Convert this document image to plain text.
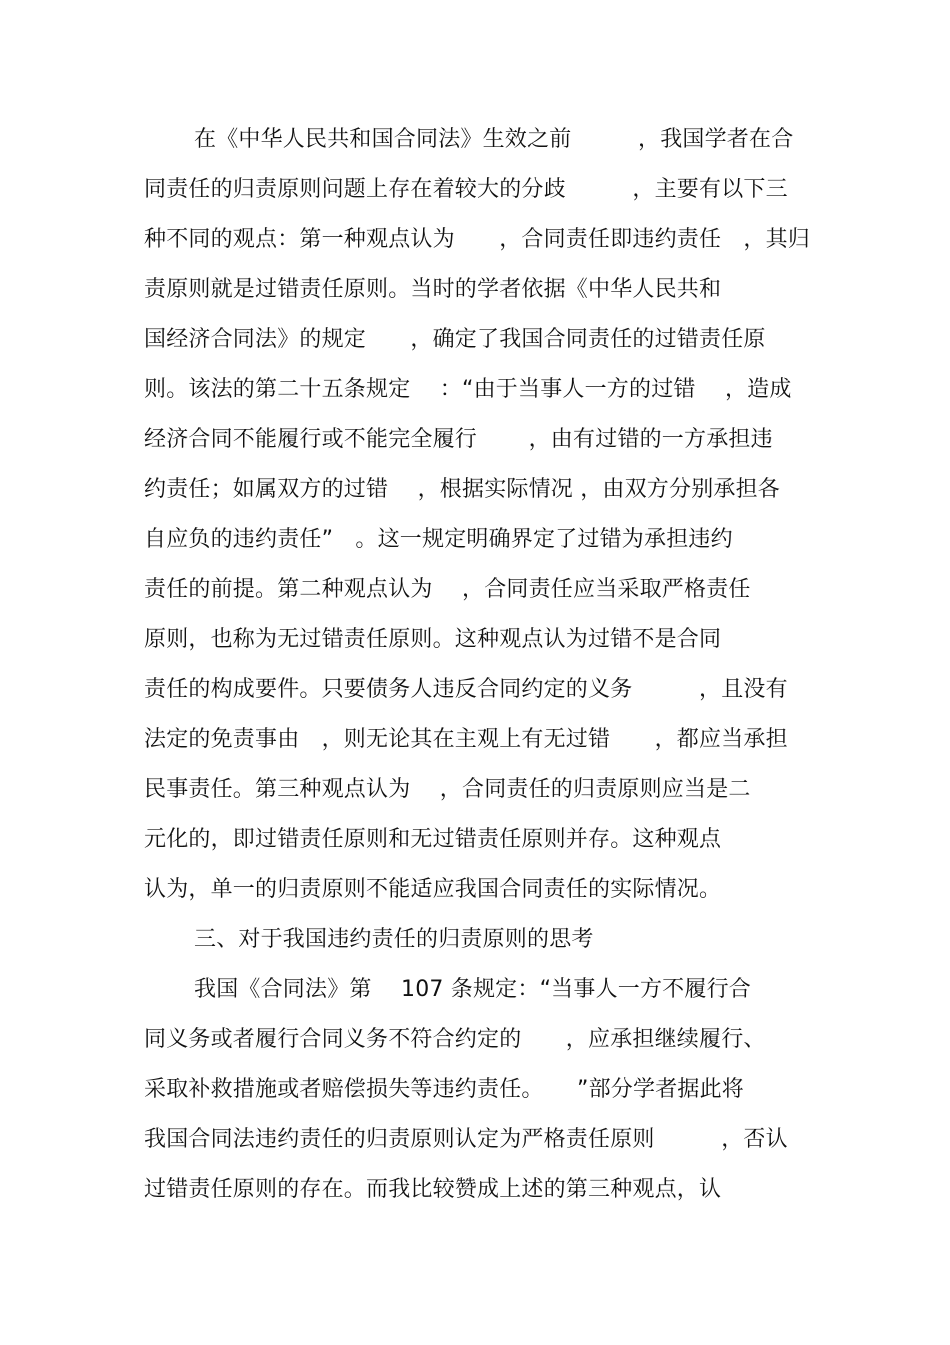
在《中华人民共和国合同法》生效之前　　　，我国学者在合
同责任的归责原则问题上存在着较大的分歧　　　，主要有以下三
种不同的观点：第一种观点认为　　，合同责任即违约责任　，其归
责原则就是过错责任原则。当时的学者依据《中华人民共和
国经济合同法》的规定　　，确定了我国合同责任的过错责任原
则。该法的第二十五条规定　 ：“由于当事人一方的过错　 ，造成
经济合同不能履行或不能完全履行　　 ，由有过错的一方承担违
约责任；如属双方的过错　 ，根据实际情况 ，由双方分别承担各
自应负的违约责任”　。这一规定明确界定了过错为承担违约
责任的前提。第二种观点认为　 ，合同责任应当采取严格责任
原则，也称为无过错责任原则。这种观点认为过错不是合同
责任的构成要件。只要债务人违反合同约定的义务　　　，且没有
法定的免责事由　，则无论其在主观上有无过错　　，都应当承担
民事责任。第三种观点认为　 ，合同责任的归责原则应当是二
元化的，即过错责任原则和无过错责任原则并存。这种观点
认为，单一的归责原则不能适应我国合同责任的实际情况。
三、对于我国违约责任的归责原则的思考
我国《合同法》第　 107 条规定：“当事人一方不履行合
同义务或者履行合同义务不符合约定的　　，应承担继续履行、
采取补救措施或者赔偿损失等违约责任。　　”部分学者据此将
我国合同法违约责任的归责原则认定为严格责任原则　　　，否认
过错责任原则的存在。而我比较赞成上述的第三种观点，认
